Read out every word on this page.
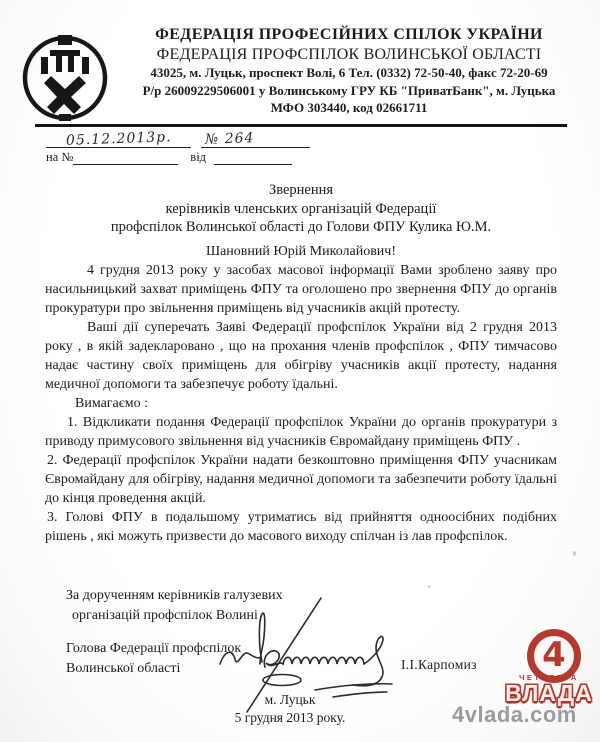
ФЕДЕРАЦІЯ ПРОФЕСІЙНИХ СПІЛОК УКРАЇНИ
ФЕДЕРАЦІЯ ПРОФСПІЛОК ВОЛИНСЬКОЇ ОБЛАСТІ
43025, м. Луцьк, проспект Волі, 6 Тел. (0332) 72-50-40, факс 72-20-69
Р/р 26009229506001 у Волинському ГРУ КБ "ПриватБанк", м. Луцька
МФО 303440, код 02661711
05.12.2013р.	№ 264
на №	від
Звернення
керівників членських організацій Федерації
профспілок Волинської області до Голови ФПУ Кулика Ю.М.

Шановний Юрій Миколайович!

4 грудня 2013 року у засобах масової інформації Вами зроблено заяву про насильницький захват приміщень ФПУ та оголошено про звернення ФПУ до органів прокуратури про звільнення приміщень від учасників акцій протесту.

Ваші дії суперечать Заяві Федерації профспілок України від 2 грудня 2013 року , в якій задекларовано , що на прохання членів профспілок , ФПУ тимчасово надає частину своїх приміщень для обігріву учасників акції протесту, надання медичної допомоги та забезпечує роботу їдальні.

Вимагаємо :

1. Відкликати подання Федерації профспілок України до органів прокуратури з приводу примусового звільнення від учасників Євромайдану приміщень ФПУ .

2. Федерації профспілок України надати безкоштовно приміщення ФПУ учасникам Євромайдану для обігріву, надання медичної допомоги та забезпечити роботу їдальні до кінця проведення акцій.

3. Голові ФПУ в подальшому утриматись від прийняття одноосібних подібних рішень , які можуть призвести до масового виходу спілчан із лав профспілок.

За дорученням керівників галузевих
організацій профспілок Волині
Голова Федерації профспілок
Волинської області	І.І.Карпомиз
м. Луцьк
5 грудня 2013 року.
4
ЧЕТВЕРТА
ВЛАДА
4vlada.com
